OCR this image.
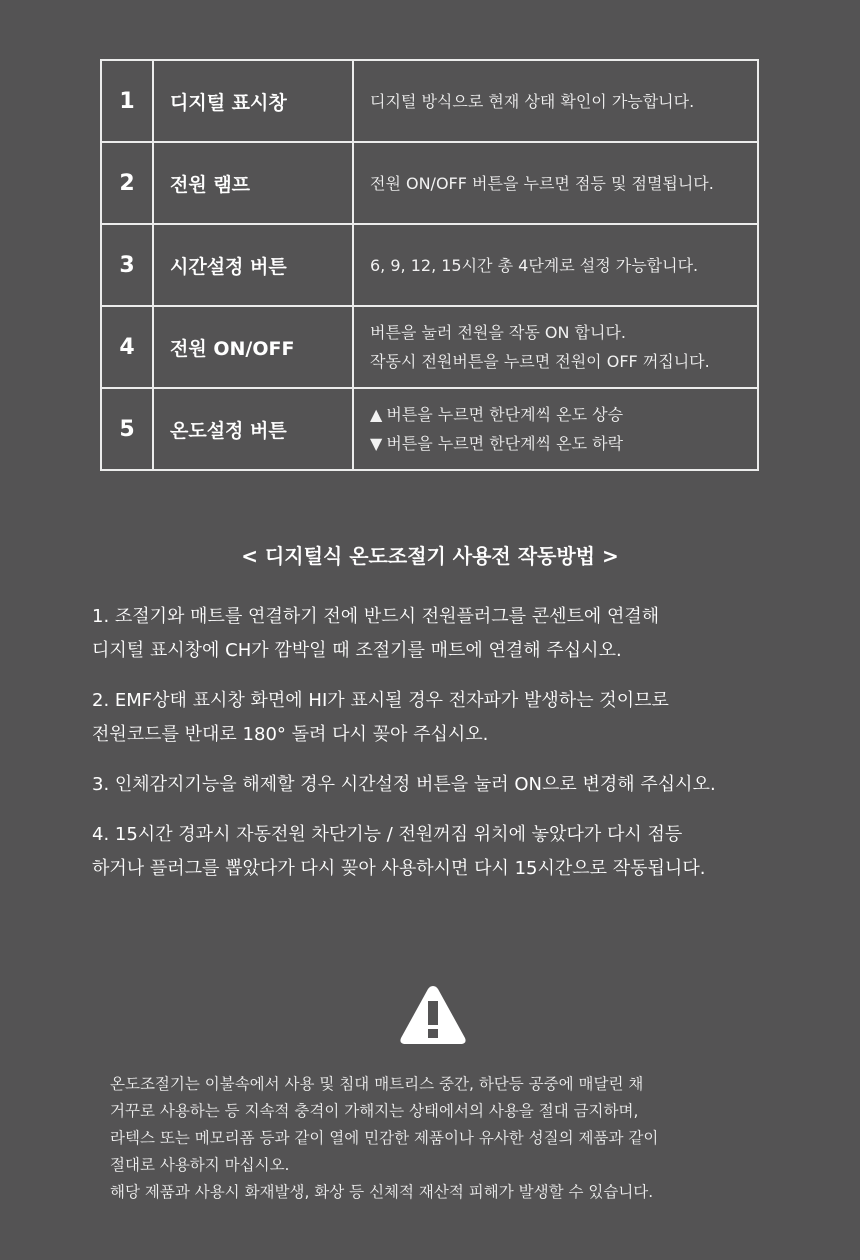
1	디지털 표시창	디지털 방식으로 현재 상태 확인이 가능합니다.

2	전원 램프	전원 ON/OFF 버튼을 누르면 점등 및 점멸됩니다.

3	시간설정 버튼	6, 9, 12, 15시간 총 4단계로 설정 가능합니다.

4	전원 ON/OFF	버튼을 눌러 전원을 작동 ON 합니다.
작동시 전원버튼을 누르면 전원이 OFF 꺼집니다.

5	온도설정 버튼	▲ 버튼을 누르면 한단계씩 온도 상승
▼ 버튼을 누르면 한단계씩 온도 하락
< 디지털식 온도조절기 사용전 작동방법 >
1. 조절기와 매트를 연결하기 전에 반드시 전원플러그를 콘센트에 연결해
디지털 표시창에 CH가 깜박일 때 조절기를 매트에 연결해 주십시오.
2. EMF상태 표시창 화면에 HI가 표시될 경우 전자파가 발생하는 것이므로
전원코드를 반대로 180° 돌려 다시 꽂아 주십시오.
3. 인체감지기능을 해제할 경우 시간설정 버튼을 눌러 ON으로 변경해 주십시오.
4. 15시간 경과시 자동전원 차단기능 / 전원꺼짐 위치에 놓았다가 다시 점등
하거나 플러그를 뽑았다가 다시 꽂아 사용하시면 다시 15시간으로 작동됩니다.
온도조절기는 이불속에서 사용 및 침대 매트리스 중간, 하단등 공중에 매달린 채
거꾸로 사용하는 등 지속적 충격이 가해지는 상태에서의 사용을 절대 금지하며,
라텍스 또는 메모리폼 등과 같이 열에 민감한 제품이나 유사한 성질의 제품과 같이
절대로 사용하지 마십시오.
해당 제품과 사용시 화재발생, 화상 등 신체적 재산적 피해가 발생할 수 있습니다.
